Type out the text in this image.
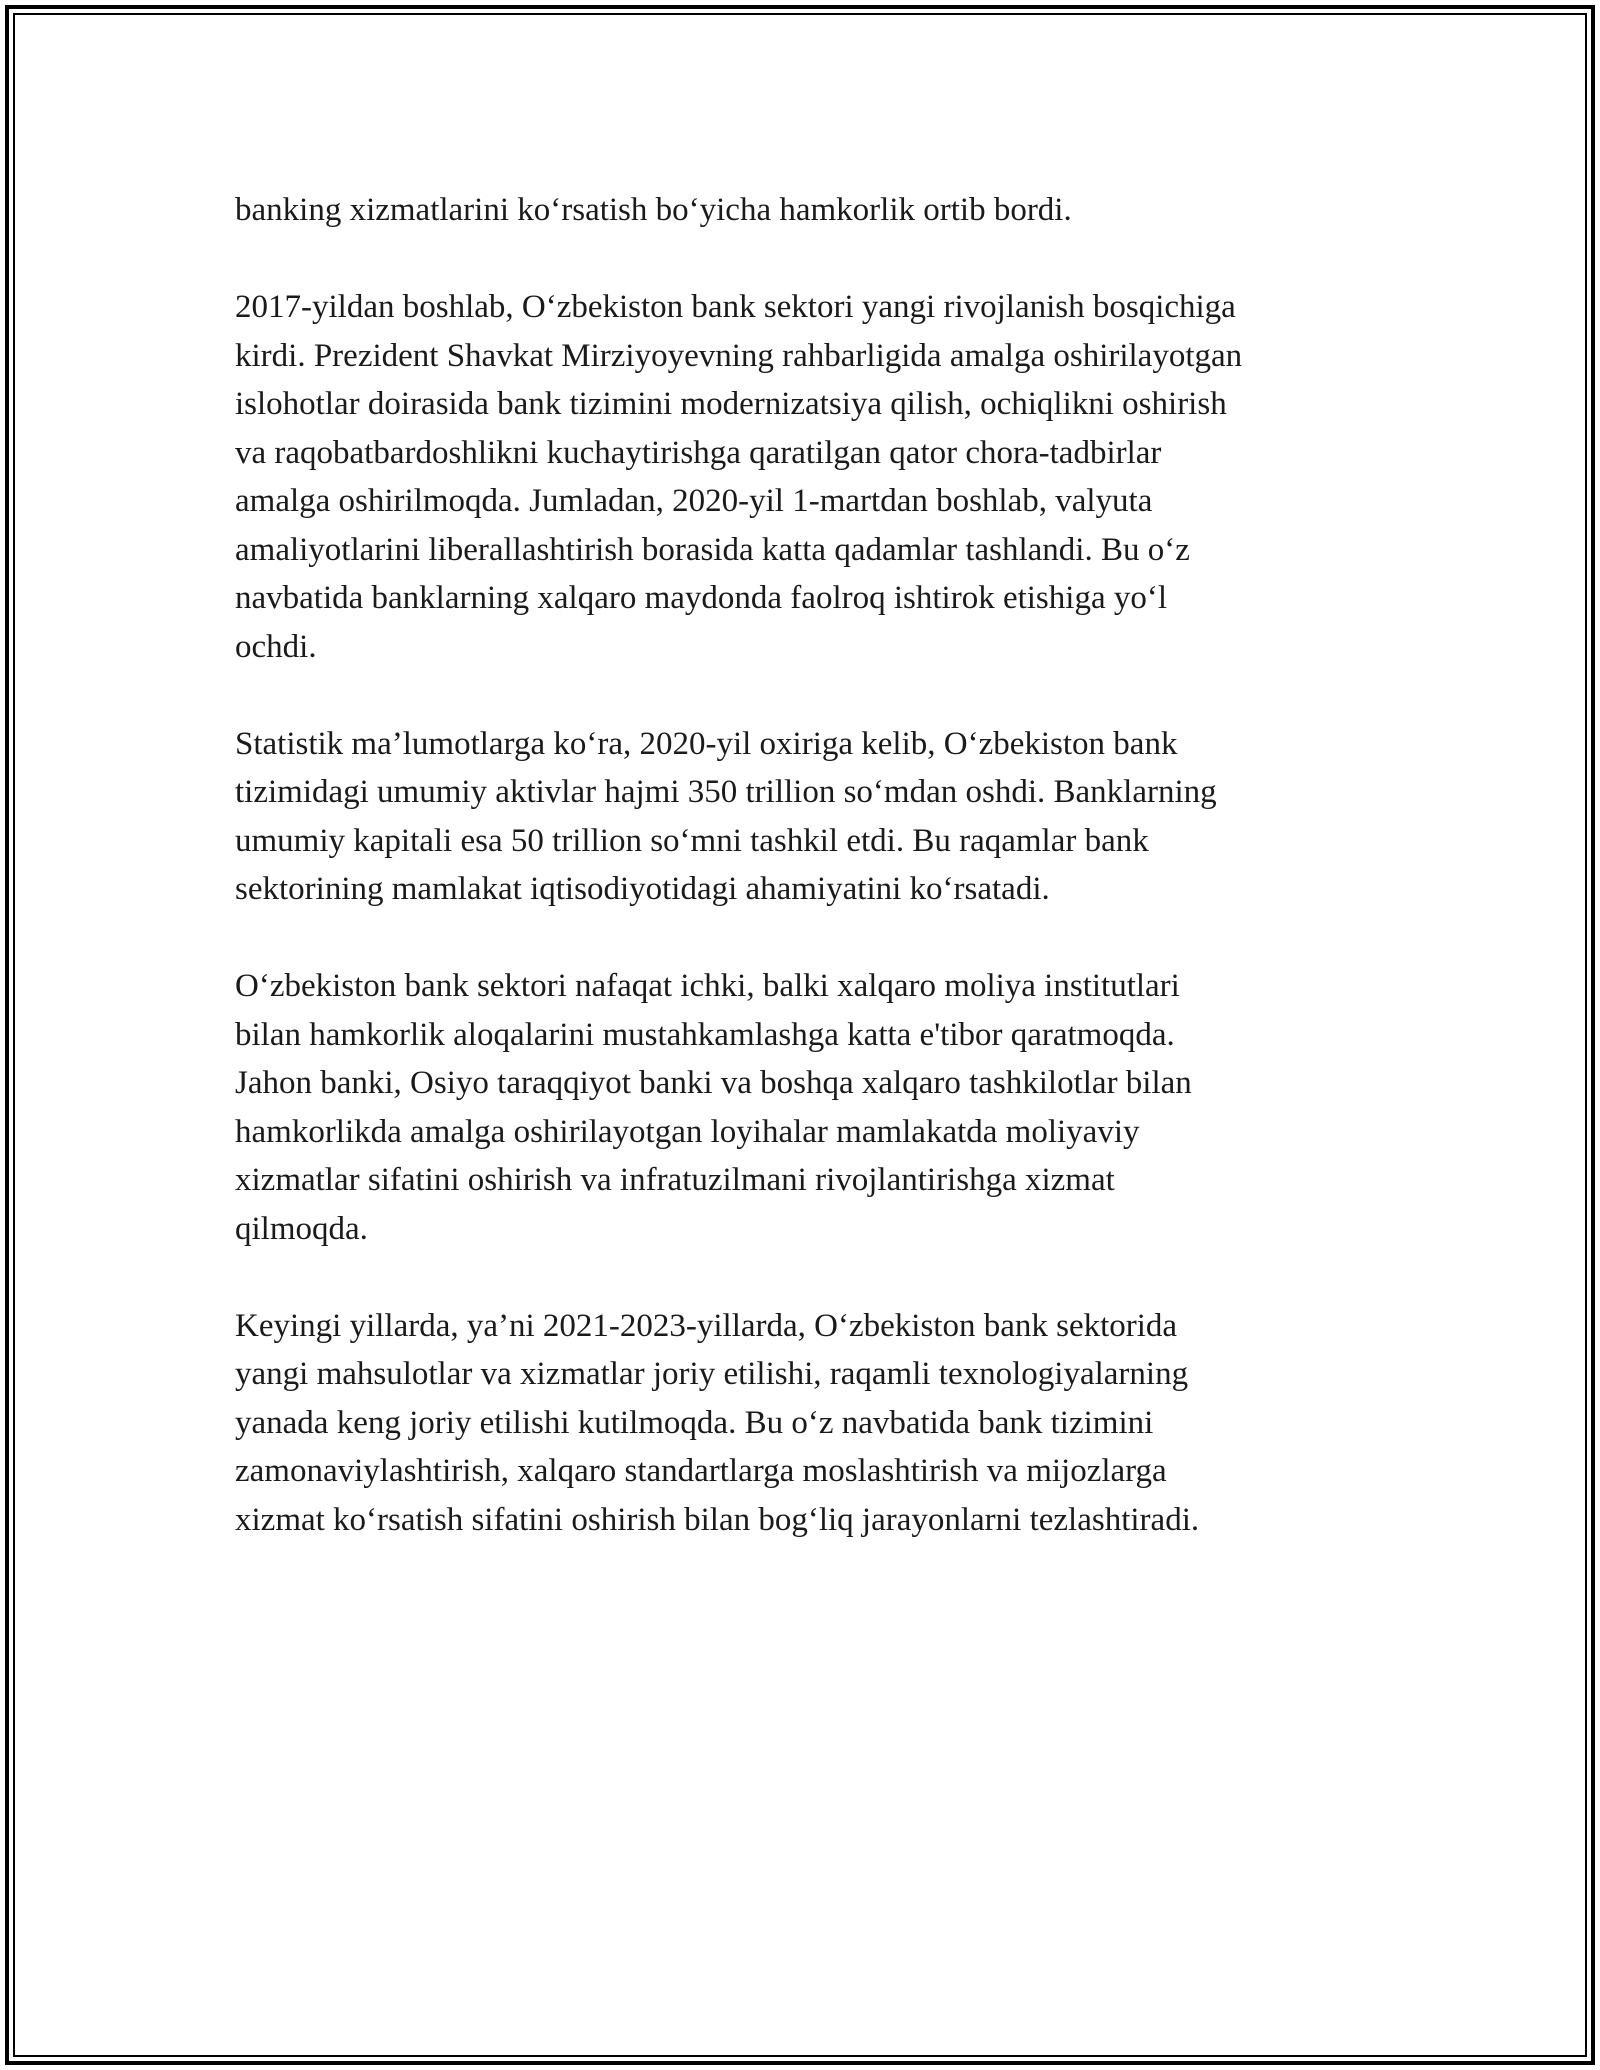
banking xizmatlarini ko‘rsatish bo‘yicha hamkorlik ortib bordi.

2017-yildan boshlab, O‘zbekiston bank sektori yangi rivojlanish bosqichiga
kirdi. Prezident Shavkat Mirziyoyevning rahbarligida amalga oshirilayotgan
islohotlar doirasida bank tizimini modernizatsiya qilish, ochiqlikni oshirish
va raqobatbardoshlikni kuchaytirishga qaratilgan qator chora-tadbirlar
amalga oshirilmoqda. Jumladan, 2020-yil 1-martdan boshlab, valyuta
amaliyotlarini liberallashtirish borasida katta qadamlar tashlandi. Bu o‘z
navbatida banklarning xalqaro maydonda faolroq ishtirok etishiga yo‘l
ochdi.

Statistik ma’lumotlarga ko‘ra, 2020-yil oxiriga kelib, O‘zbekiston bank
tizimidagi umumiy aktivlar hajmi 350 trillion so‘mdan oshdi. Banklarning
umumiy kapitali esa 50 trillion so‘mni tashkil etdi. Bu raqamlar bank
sektorining mamlakat iqtisodiyotidagi ahamiyatini ko‘rsatadi.

O‘zbekiston bank sektori nafaqat ichki, balki xalqaro moliya institutlari
bilan hamkorlik aloqalarini mustahkamlashga katta e'tibor qaratmoqda.
Jahon banki, Osiyo taraqqiyot banki va boshqa xalqaro tashkilotlar bilan
hamkorlikda amalga oshirilayotgan loyihalar mamlakatda moliyaviy
xizmatlar sifatini oshirish va infratuzilmani rivojlantirishga xizmat
qilmoqda.

Keyingi yillarda, ya’ni 2021-2023-yillarda, O‘zbekiston bank sektorida
yangi mahsulotlar va xizmatlar joriy etilishi, raqamli texnologiyalarning
yanada keng joriy etilishi kutilmoqda. Bu o‘z navbatida bank tizimini
zamonaviylashtirish, xalqaro standartlarga moslashtirish va mijozlarga
xizmat ko‘rsatish sifatini oshirish bilan bog‘liq jarayonlarni tezlashtiradi.
